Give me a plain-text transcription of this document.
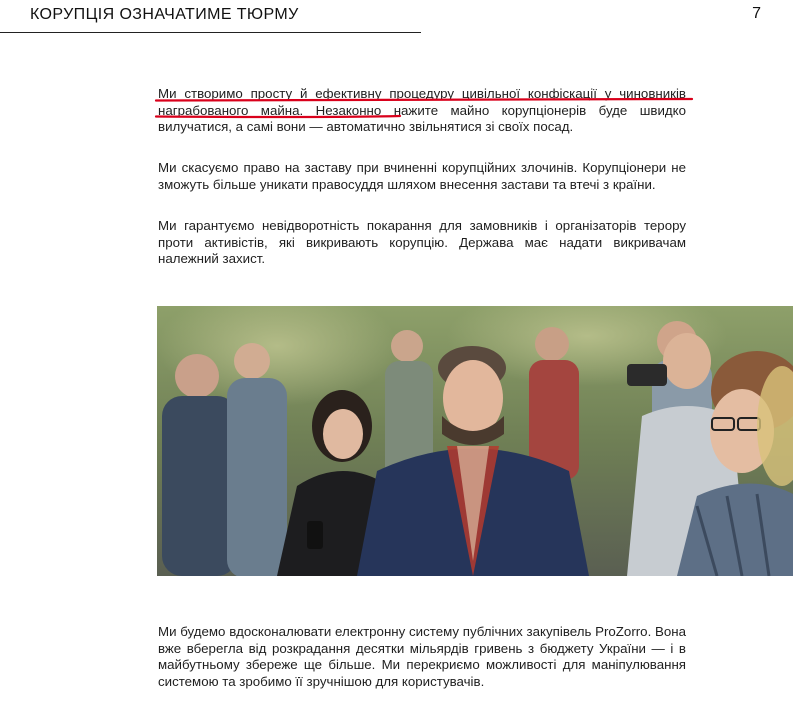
КОРУПЦІЯ ОЗНАЧАТИМЕ ТЮРМУ	7
Ми створимо просту й ефективну процедуру цивільної конфіскації у чиновників награбованого майна. Незаконно нажите майно корупціонерів буде швидко вилучатися, а самі вони — автоматично звільнятися зі своїх посад.
Ми скасуємо право на заставу при вчиненні корупційних злочинів. Корупціонери не зможуть більше уникати правосуддя шляхом внесення застави та втечі з країни.
Ми гарантуємо невідворотність покарання для замовників і організаторів терору проти активістів, які викривають корупцію. Держава має надати викривачам належний захист.
Ми будемо вдосконалювати електронну систему публічних закупівель ProZorro. Вона вже вберегла від розкрадання десятки мільярдів гривень з бюджету України — і в майбутньому збереже ще більше. Ми перекриємо можливості для маніпулювання системою та зробимо її зручнішою для користувачів.
